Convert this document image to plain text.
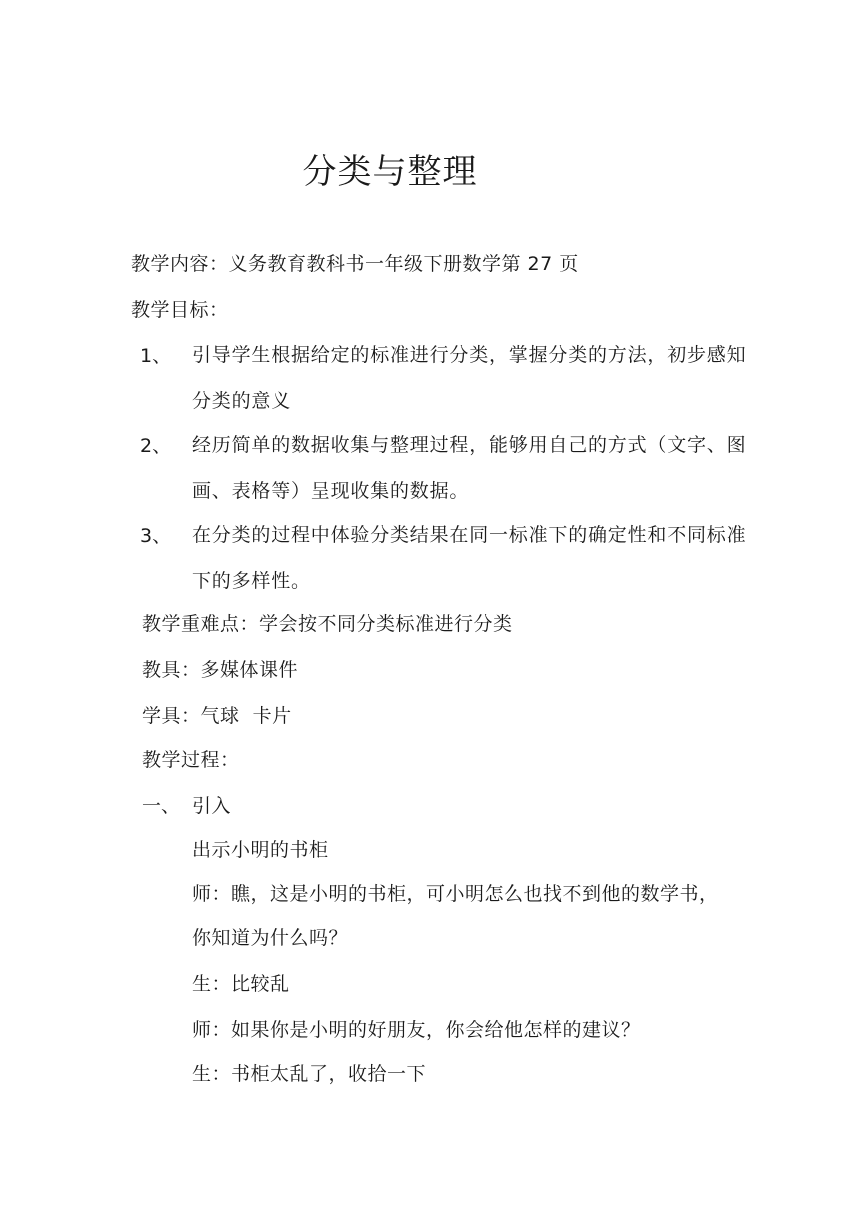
分类与整理
教学内容：义务教育教科书一年级下册数学第 27 页
教学目标：
1、 引导学生根据给定的标准进行分类，掌握分类的方法，初步感知分类的意义
2、 经历简单的数据收集与整理过程，能够用自己的方式（文字、图画、表格等）呈现收集的数据。
3、 在分类的过程中体验分类结果在同一标准下的确定性和不同标准下的多样性。
教学重难点：学会按不同分类标准进行分类
教具：多媒体课件
学具：气球  卡片
教学过程：
一、 引入
出示小明的书柜
师：瞧，这是小明的书柜，可小明怎么也找不到他的数学书，
你知道为什么吗？
生：比较乱
师：如果你是小明的好朋友，你会给他怎样的建议？
生：书柜太乱了，收拾一下
